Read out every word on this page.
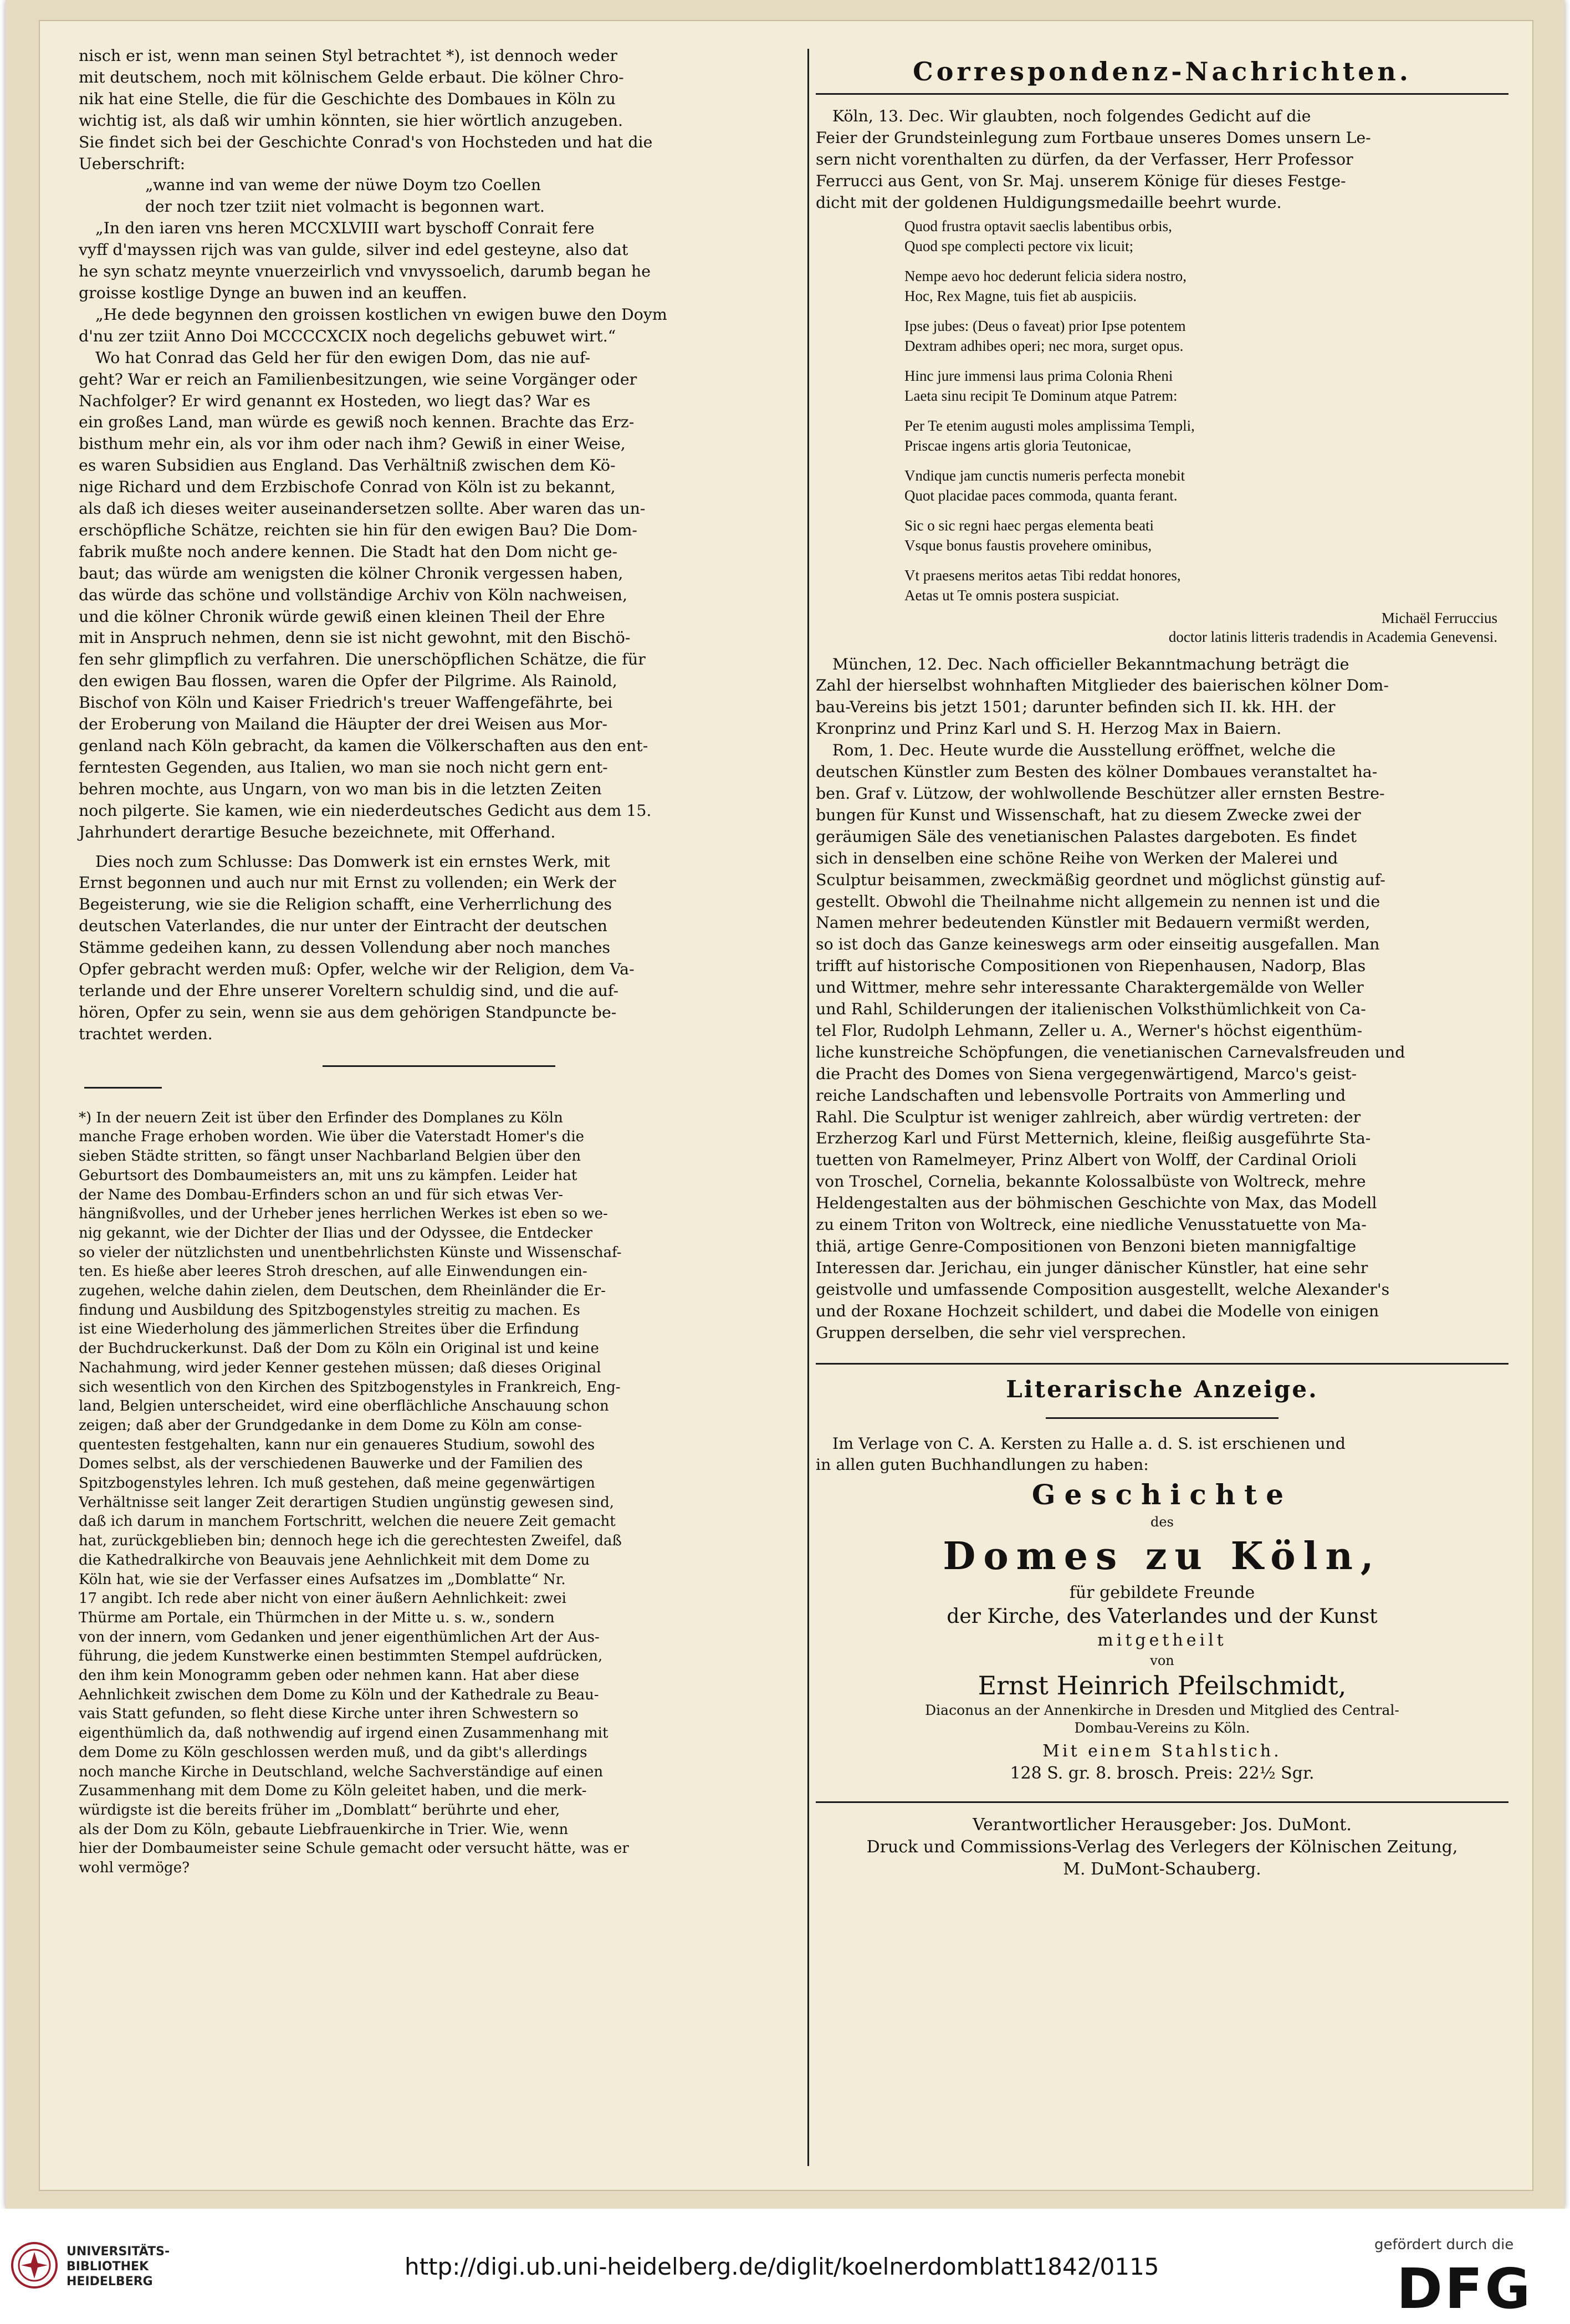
nisch er ist, wenn man seinen Styl betrachtet *), ist dennoch weder
mit deutschem, noch mit kölnischem Gelde erbaut. Die kölner Chro-
nik hat eine Stelle, die für die Geschichte des Dombaues in Köln zu
wichtig ist, als daß wir umhin könnten, sie hier wörtlich anzugeben.
Sie findet sich bei der Geschichte Conrad's von Hochsteden und hat die
Ueberschrift:

„wanne ind van weme der nüwe Doym tzo Coellen
der noch tzer tziit niet volmacht is begonnen wart.

„In den iaren vns heren MCCXLVIII wart byschoff Conrait fere
vyff d'mayssen rijch was van gulde, silver ind edel gesteyne, also dat
he syn schatz meynte vnuerzeirlich vnd vnvyssoelich, darumb began he
groisse kostlige Dynge an buwen ind an keuffen.

„He dede begynnen den groissen kostlichen vn ewigen buwe den Doym
d'nu zer tziit Anno Doi MCCCCXCIX noch degelichs gebuwet wirt.“

Wo hat Conrad das Geld her für den ewigen Dom, das nie auf-
geht? War er reich an Familienbesitzungen, wie seine Vorgänger oder
Nachfolger? Er wird genannt ex Hosteden, wo liegt das? War es
ein großes Land, man würde es gewiß noch kennen. Brachte das Erz-
bisthum mehr ein, als vor ihm oder nach ihm? Gewiß in einer Weise,
es waren Subsidien aus England. Das Verhältniß zwischen dem Kö-
nige Richard und dem Erzbischofe Conrad von Köln ist zu bekannt,
als daß ich dieses weiter auseinandersetzen sollte. Aber waren das un-
erschöpfliche Schätze, reichten sie hin für den ewigen Bau? Die Dom-
fabrik mußte noch andere kennen. Die Stadt hat den Dom nicht ge-
baut; das würde am wenigsten die kölner Chronik vergessen haben,
das würde das schöne und vollständige Archiv von Köln nachweisen,
und die kölner Chronik würde gewiß einen kleinen Theil der Ehre
mit in Anspruch nehmen, denn sie ist nicht gewohnt, mit den Bischö-
fen sehr glimpflich zu verfahren. Die unerschöpflichen Schätze, die für
den ewigen Bau flossen, waren die Opfer der Pilgrime. Als Rainold,
Bischof von Köln und Kaiser Friedrich's treuer Waffengefährte, bei
der Eroberung von Mailand die Häupter der drei Weisen aus Mor-
genland nach Köln gebracht, da kamen die Völkerschaften aus den ent-
ferntesten Gegenden, aus Italien, wo man sie noch nicht gern ent-
behren mochte, aus Ungarn, von wo man bis in die letzten Zeiten
noch pilgerte. Sie kamen, wie ein niederdeutsches Gedicht aus dem 15.
Jahrhundert derartige Besuche bezeichnete, mit Offerhand.

Dies noch zum Schlusse: Das Domwerk ist ein ernstes Werk, mit
Ernst begonnen und auch nur mit Ernst zu vollenden; ein Werk der
Begeisterung, wie sie die Religion schafft, eine Verherrlichung des
deutschen Vaterlandes, die nur unter der Eintracht der deutschen
Stämme gedeihen kann, zu dessen Vollendung aber noch manches
Opfer gebracht werden muß: Opfer, welche wir der Religion, dem Va-
terlande und der Ehre unserer Voreltern schuldig sind, und die auf-
hören, Opfer zu sein, wenn sie aus dem gehörigen Standpuncte be-
trachtet werden.

*) In der neuern Zeit ist über den Erfinder des Domplanes zu Köln
manche Frage erhoben worden. Wie über die Vaterstadt Homer's die
sieben Städte stritten, so fängt unser Nachbarland Belgien über den
Geburtsort des Dombaumeisters an, mit uns zu kämpfen. Leider hat
der Name des Dombau-Erfinders schon an und für sich etwas Ver-
hängnißvolles, und der Urheber jenes herrlichen Werkes ist eben so we-
nig gekannt, wie der Dichter der Ilias und der Odyssee, die Entdecker
so vieler der nützlichsten und unentbehrlichsten Künste und Wissenschaf-
ten. Es hieße aber leeres Stroh dreschen, auf alle Einwendungen ein-
zugehen, welche dahin zielen, dem Deutschen, dem Rheinländer die Er-
findung und Ausbildung des Spitzbogenstyles streitig zu machen. Es
ist eine Wiederholung des jämmerlichen Streites über die Erfindung
der Buchdruckerkunst. Daß der Dom zu Köln ein Original ist und keine
Nachahmung, wird jeder Kenner gestehen müssen; daß dieses Original
sich wesentlich von den Kirchen des Spitzbogenstyles in Frankreich, Eng-
land, Belgien unterscheidet, wird eine oberflächliche Anschauung schon
zeigen; daß aber der Grundgedanke in dem Dome zu Köln am conse-
quentesten festgehalten, kann nur ein genaueres Studium, sowohl des
Domes selbst, als der verschiedenen Bauwerke und der Familien des
Spitzbogenstyles lehren. Ich muß gestehen, daß meine gegenwärtigen
Verhältnisse seit langer Zeit derartigen Studien ungünstig gewesen sind,
daß ich darum in manchem Fortschritt, welchen die neuere Zeit gemacht
hat, zurückgeblieben bin; dennoch hege ich die gerechtesten Zweifel, daß
die Kathedralkirche von Beauvais jene Aehnlichkeit mit dem Dome zu
Köln hat, wie sie der Verfasser eines Aufsatzes im „Domblatte“ Nr.
17 angibt. Ich rede aber nicht von einer äußern Aehnlichkeit: zwei
Thürme am Portale, ein Thürmchen in der Mitte u. s. w., sondern
von der innern, vom Gedanken und jener eigenthümlichen Art der Aus-
führung, die jedem Kunstwerke einen bestimmten Stempel aufdrücken,
den ihm kein Monogramm geben oder nehmen kann. Hat aber diese
Aehnlichkeit zwischen dem Dome zu Köln und der Kathedrale zu Beau-
vais Statt gefunden, so fleht diese Kirche unter ihren Schwestern so
eigenthümlich da, daß nothwendig auf irgend einen Zusammenhang mit
dem Dome zu Köln geschlossen werden muß, und da gibt's allerdings
noch manche Kirche in Deutschland, welche Sachverständige auf einen
Zusammenhang mit dem Dome zu Köln geleitet haben, und die merk-
würdigste ist die bereits früher im „Domblatt“ berührte und eher,
als der Dom zu Köln, gebaute Liebfrauenkirche in Trier. Wie, wenn
hier der Dombaumeister seine Schule gemacht oder versucht hätte, was er
wohl vermöge?

Correspondenz-Nachrichten.

Köln, 13. Dec. Wir glaubten, noch folgendes Gedicht auf die
Feier der Grundsteinlegung zum Fortbaue unseres Domes unsern Le-
sern nicht vorenthalten zu dürfen, da der Verfasser, Herr Professor
Ferrucci aus Gent, von Sr. Maj. unserem Könige für dieses Festge-
dicht mit der goldenen Huldigungsmedaille beehrt wurde.

Quod frustra optavit saeclis labentibus orbis,
Quod spe complecti pectore vix licuit;

Nempe aevo hoc dederunt felicia sidera nostro,
Hoc, Rex Magne, tuis fiet ab auspiciis.

Ipse jubes: (Deus o faveat) prior Ipse potentem
Dextram adhibes operi; nec mora, surget opus.

Hinc jure immensi laus prima Colonia Rheni
Laeta sinu recipit Te Dominum atque Patrem:

Per Te etenim augusti moles amplissima Templi,
Priscae ingens artis gloria Teutonicae,

Vndique jam cunctis numeris perfecta monebit
Quot placidae paces commoda, quanta ferant.

Sic o sic regni haec pergas elementa beati
Vsque bonus faustis provehere ominibus,

Vt praesens meritos aetas Tibi reddat honores,
Aetas ut Te omnis postera suspiciat.

Michaël Ferruccius
doctor latinis litteris tradendis in Academia Genevensi.

München, 12. Dec. Nach officieller Bekanntmachung beträgt die
Zahl der hierselbst wohnhaften Mitglieder des baierischen kölner Dom-
bau-Vereins bis jetzt 1501; darunter befinden sich II. kk. HH. der
Kronprinz und Prinz Karl und S. H. Herzog Max in Baiern.

Rom, 1. Dec. Heute wurde die Ausstellung eröffnet, welche die
deutschen Künstler zum Besten des kölner Dombaues veranstaltet ha-
ben. Graf v. Lützow, der wohlwollende Beschützer aller ernsten Bestre-
bungen für Kunst und Wissenschaft, hat zu diesem Zwecke zwei der
geräumigen Säle des venetianischen Palastes dargeboten. Es findet
sich in denselben eine schöne Reihe von Werken der Malerei und
Sculptur beisammen, zweckmäßig geordnet und möglichst günstig auf-
gestellt. Obwohl die Theilnahme nicht allgemein zu nennen ist und die
Namen mehrer bedeutenden Künstler mit Bedauern vermißt werden,
so ist doch das Ganze keineswegs arm oder einseitig ausgefallen. Man
trifft auf historische Compositionen von Riepenhausen, Nadorp, Blas
und Wittmer, mehre sehr interessante Charaktergemälde von Weller
und Rahl, Schilderungen der italienischen Volksthümlichkeit von Ca-
tel Flor, Rudolph Lehmann, Zeller u. A., Werner's höchst eigenthüm-
liche kunstreiche Schöpfungen, die venetianischen Carnevalsfreuden und
die Pracht des Domes von Siena vergegenwärtigend, Marco's geist-
reiche Landschaften und lebensvolle Portraits von Ammerling und
Rahl. Die Sculptur ist weniger zahlreich, aber würdig vertreten: der
Erzherzog Karl und Fürst Metternich, kleine, fleißig ausgeführte Sta-
tuetten von Ramelmeyer, Prinz Albert von Wolff, der Cardinal Orioli
von Troschel, Cornelia, bekannte Kolossalbüste von Woltreck, mehre
Heldengestalten aus der böhmischen Geschichte von Max, das Modell
zu einem Triton von Woltreck, eine niedliche Venusstatuette von Ma-
thiä, artige Genre-Compositionen von Benzoni bieten mannigfaltige
Interessen dar. Jerichau, ein junger dänischer Künstler, hat eine sehr
geistvolle und umfassende Composition ausgestellt, welche Alexander's
und der Roxane Hochzeit schildert, und dabei die Modelle von einigen
Gruppen derselben, die sehr viel versprechen.

Literarische Anzeige.

Im Verlage von C. A. Kersten zu Halle a. d. S. ist erschienen und
in allen guten Buchhandlungen zu haben:

Geschichte

des

Domes zu Köln,

für gebildete Freunde

der Kirche, des Vaterlandes und der Kunst

mitgetheilt

von

Ernst Heinrich Pfeilschmidt,

Diaconus an der Annenkirche in Dresden und Mitglied des Central-
Dombau-Vereins zu Köln.

Mit einem Stahlstich.

128 S. gr. 8. brosch. Preis: 22½ Sgr.

Verantwortlicher Herausgeber: Jos. DuMont.

Druck und Commissions-Verlag des Verlegers der Kölnischen Zeitung,

M. DuMont-Schauberg.

UNIVERSITÄTS-
BIBLIOTHEK
HEIDELBERG
http://digi.ub.uni-heidelberg.de/diglit/koelnerdomblatt1842/0115
gefördert durch die
DFG
